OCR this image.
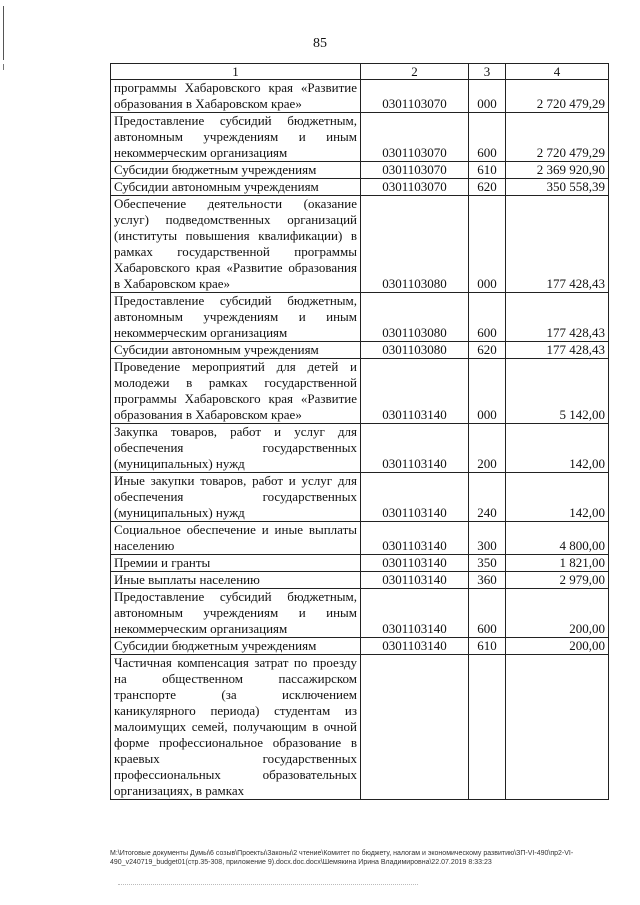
85
1	2	3	4
программы Хабаровского края «Развитие образования в Хабаровском крае»	0301103070	000	2 720 479,29
Предоставление субсидий бюджетным, автономным учреждениям и иным некоммерческим организациям	0301103070	600	2 720 479,29
Субсидии бюджетным учреждениям	0301103070	610	2 369 920,90
Субсидии автономным учреждениям	0301103070	620	350 558,39
Обеспечение деятельности (оказание услуг) подведомственных организаций (институты повышения квалификации) в рамках государственной программы Хабаровского края «Развитие образования в Хабаровском крае»	0301103080	000	177 428,43
Предоставление субсидий бюджетным, автономным учреждениям и иным некоммерческим организациям	0301103080	600	177 428,43
Субсидии автономным учреждениям	0301103080	620	177 428,43
Проведение мероприятий для детей и молодежи в рамках государственной программы Хабаровского края «Развитие образования в Хабаровском крае»	0301103140	000	5 142,00
Закупка товаров, работ и услуг для обеспечения государственных (муниципальных) нужд	0301103140	200	142,00
Иные закупки товаров, работ и услуг для обеспечения государственных (муниципальных) нужд	0301103140	240	142,00
Социальное обеспечение и иные выплаты населению	0301103140	300	4 800,00
Премии и гранты	0301103140	350	1 821,00
Иные выплаты населению	0301103140	360	2 979,00
Предоставление субсидий бюджетным, автономным учреждениям и иным некоммерческим организациям	0301103140	600	200,00
Субсидии бюджетным учреждениям	0301103140	610	200,00
Частичная компенсация затрат по проезду на общественном пассажирском транспорте (за исключением каникулярного периода) студентам из малоимущих семей, получающим в очной форме профессиональное образование в краевых государственных профессиональных образовательных организациях, в рамках			
M:\Итоговые документы Думы\6 созыв\Проекты\Законы\2 чтение\Комитет по бюджету, налогам и экономическому развитию\ЗП-VI-490\пр2-VI-490_v240719_budget01(стр.35-308, приложение 9).docx.doc.docx\Шемякина Ирина Владимировна\22.07.2019 8:33:23
